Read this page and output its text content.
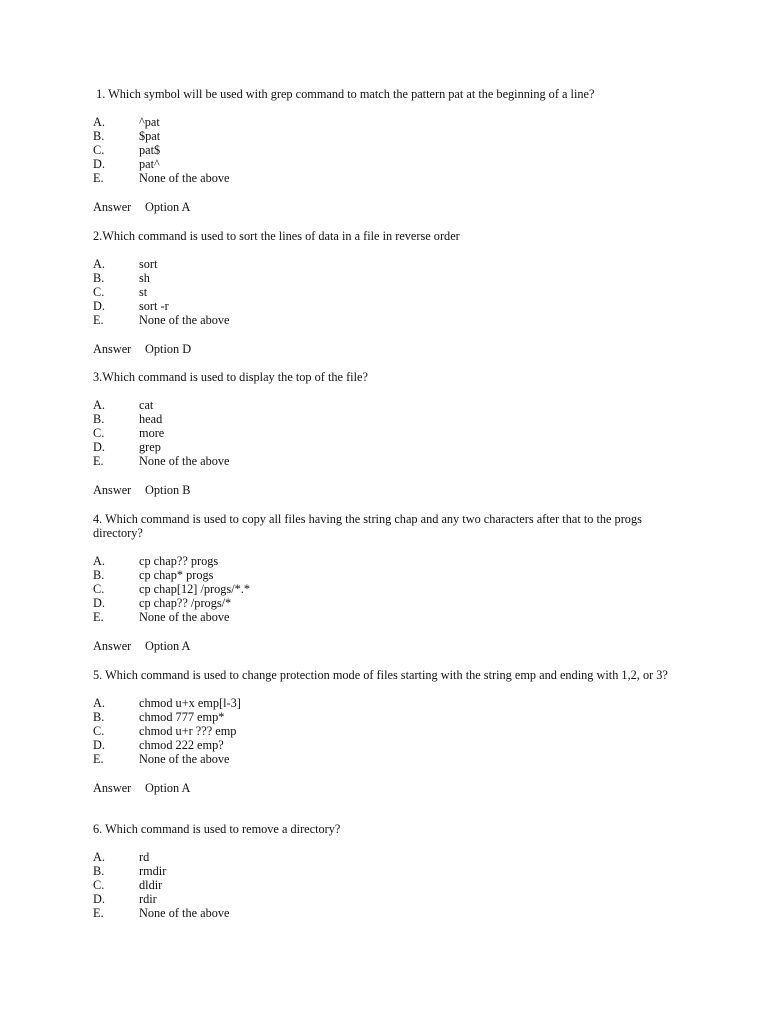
1. Which symbol will be used with grep command to match the pattern pat at the beginning of a line?

A.	^pat
B.	$pat
C.	pat$
D.	pat^
E.	None of the above
Answer	Option A

2.Which command is used to sort the lines of data in a file in reverse order

A.	sort
B.	sh
C.	st
D.	sort -r
E.	None of the above
Answer	Option D

3.Which command is used to display the top of the file?

A.	cat
B.	head
C.	more
D.	grep
E.	None of the above
Answer	Option B

4. Which command is used to copy all files having the string chap and any two characters after that to the progs directory?

A.	cp chap?? progs
B.	cp chap* progs
C.	cp chap[12] /progs/*.*
D.	cp chap?? /progs/*
E.	None of the above
Answer	Option A

5. Which command is used to change protection mode of files starting with the string emp and ending with 1,2, or 3?

A.	chmod u+x emp[l-3]
B.	chmod 777 emp*
C.	chmod u+r ??? emp
D.	chmod 222 emp?
E.	None of the above
Answer	Option A

6. Which command is used to remove a directory?

A.	rd
B.	rmdir
C.	dldir
D.	rdir
E.	None of the above
